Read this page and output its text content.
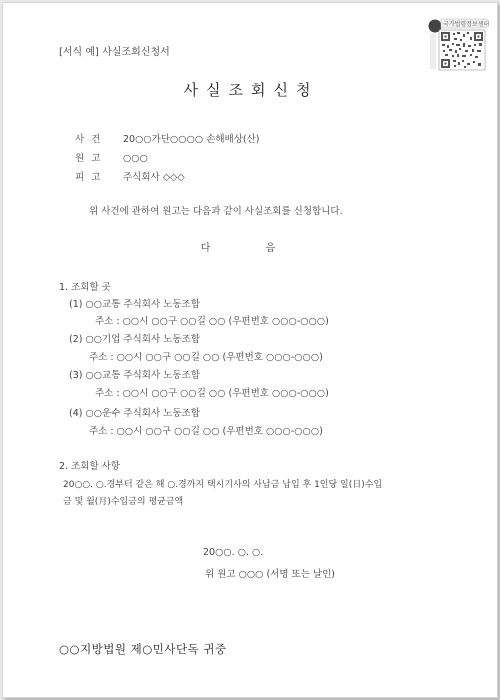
[서식 예] 사실조회신청서
국가법령정보센터
사실조회신청
사 건 20○○가단○○○○ 손해배상(산)
원 고 ○○○
피 고 주식회사 ◇◇◇
위 사건에 관하여 원고는 다음과 같이 사실조회를 신청합니다.
다 음
1. 조회할 곳
(1) ○○교통 주식회사 노동조합
주소 : ○○시 ○○구 ○○길 ○○ (우편번호 ○○○-○○○)
(2) ○○기업 주식회사 노동조합
주소 : ○○시 ○○구 ○○길 ○○ (우편번호 ○○○-○○○)
(3) ○○교통 주식회사 노동조합
주소 : ○○시 ○○구 ○○길 ○○ (우편번호 ○○○-○○○)
(4) ○○운수 주식회사 노동조합
주소 : ○○시 ○○구 ○○길 ○○ (우편번호 ○○○-○○○)
2. 조회할 사항
20○○. ○.경부터 같은 해 ○.경까지 택시기사의 사납금 납입 후 1인당 일(日)수입
금 및 월(月)수입금의 평균금액
20○○. ○. ○.
위 원고 ○○○ (서명 또는 날인)
○○지방법원 제○민사단독 귀중
